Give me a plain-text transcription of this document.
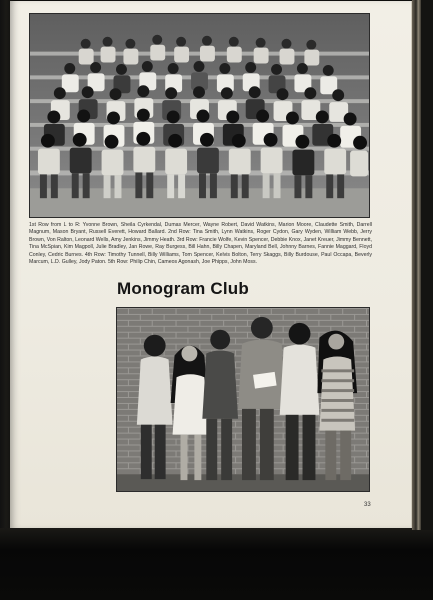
1st Row from L to R: Yvonne Brown, Sheila Cyrkendal, Dumas Mercer, Wayne Robert, David Watkins, Marion Moore, Claudette Smith, Darrell Magnum, Mason Bryant, Russell Everett, Howard Ballard. 2nd Row: Tina Smith, Lynn Watkins, Roger Cydon, Gary Wyden, William Webb, Jerry Brown, Von Ralton, Leonard Wells, Amy Jenkins, Jimmy Heath. 3rd Row: Francie Wolfe, Kevin Spencer, Debbie Knox, Janet Kreuer, Jimmy Bennett, Tina McSpian, Kim Magpoll, Julie Bradley, Jan Rowe, Ray Burgess, Bill Hahn, Billy Chapen, Maryland Bell, Johnny Barnes, Fannie Maggard, Floyd Conley, Cedric Burnes. 4th Row: Timothy Tunnell, Billy Williams, Tom Spencer, Kelvis Bolton, Terry Skaggs, Billy Burdouse, Paul Occapa, Beverly Marcum, L.D. Gulley, Jody Paton. 5th Row: Philip Chin, Cameos Agonash, Joe Phipps, John Moss.
Monogram Club
33
